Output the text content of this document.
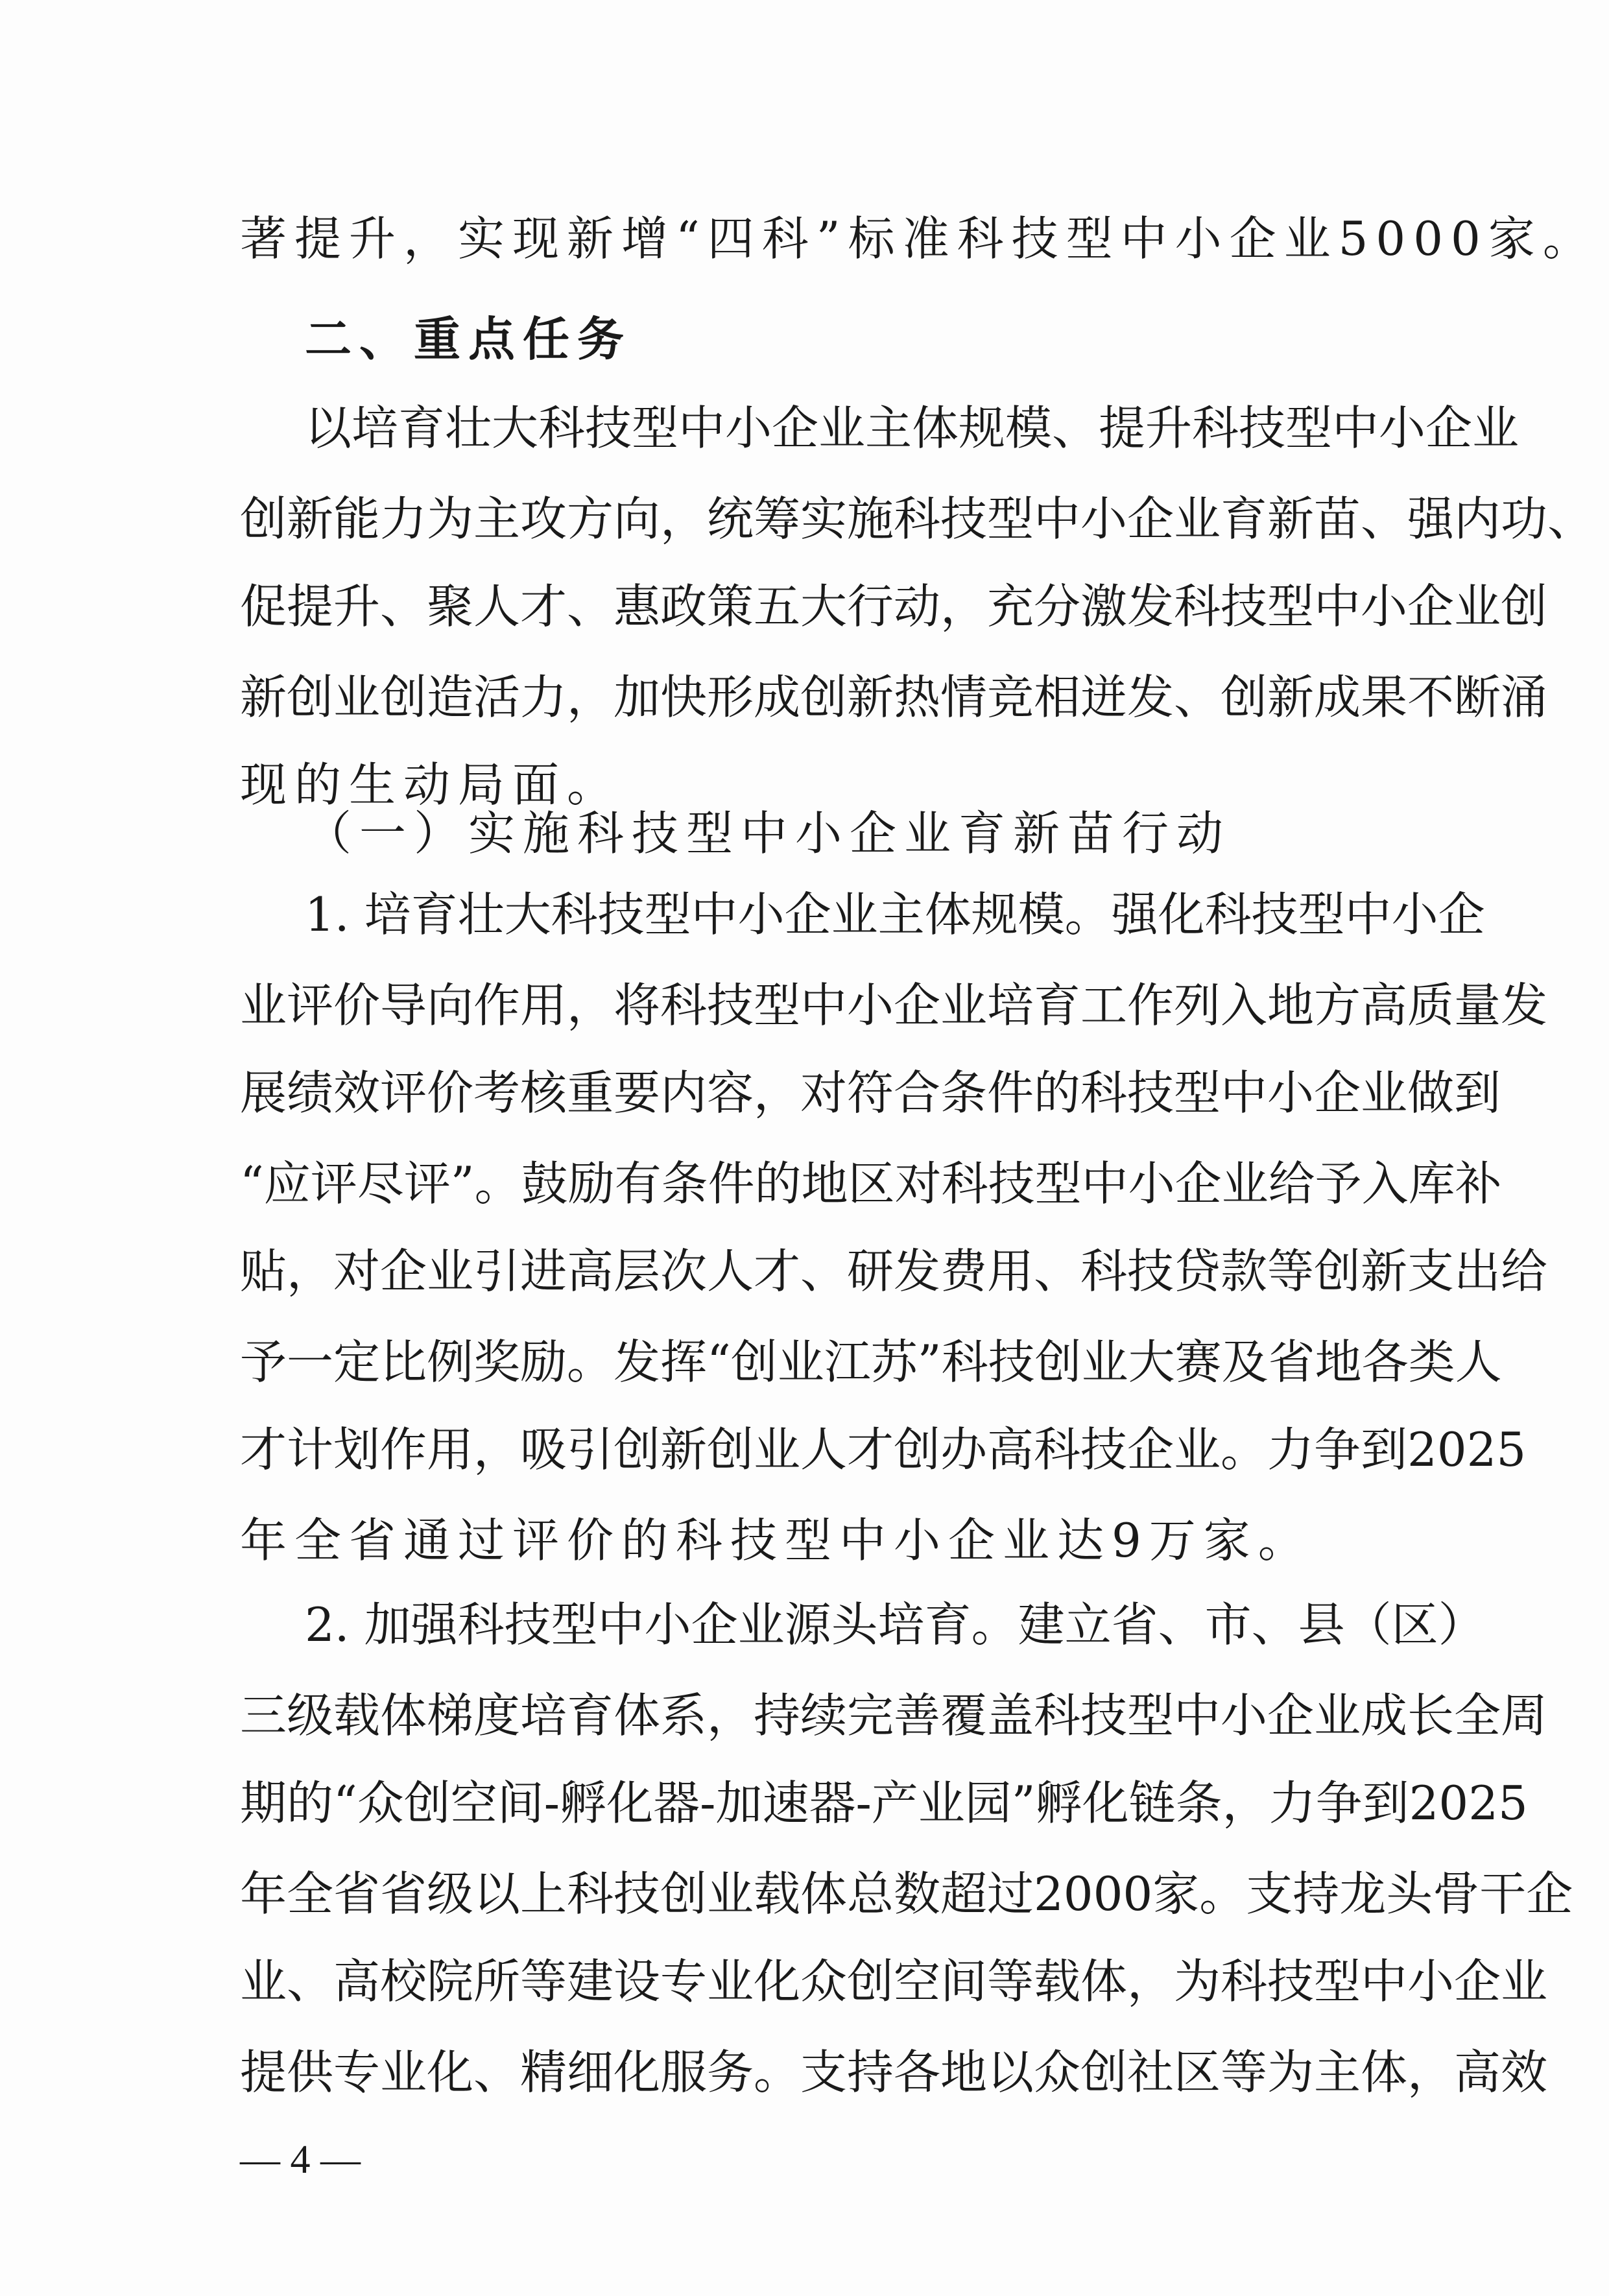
著提升，实现新增“四科”标准科技型中小企业5000家。
二、重点任务
以培育壮大科技型中小企业主体规模、提升科技型中小企业
创新能力为主攻方向，统筹实施科技型中小企业育新苗、强内功、
促提升、聚人才、惠政策五大行动，充分激发科技型中小企业创
新创业创造活力，加快形成创新热情竞相迸发、创新成果不断涌
现的生动局面。
（一）实施科技型中小企业育新苗行动
1. 培育壮大科技型中小企业主体规模。强化科技型中小企
业评价导向作用，将科技型中小企业培育工作列入地方高质量发
展绩效评价考核重要内容，对符合条件的科技型中小企业做到
“应评尽评”。鼓励有条件的地区对科技型中小企业给予入库补
贴，对企业引进高层次人才、研发费用、科技贷款等创新支出给
予一定比例奖励。发挥“创业江苏”科技创业大赛及省地各类人
才计划作用，吸引创新创业人才创办高科技企业。力争到2025
年全省通过评价的科技型中小企业达9万家。
2. 加强科技型中小企业源头培育。建立省、市、县（区）
三级载体梯度培育体系，持续完善覆盖科技型中小企业成长全周
期的“众创空间-孵化器-加速器-产业园”孵化链条，力争到2025
年全省省级以上科技创业载体总数超过2000家。支持龙头骨干企
业、高校院所等建设专业化众创空间等载体，为科技型中小企业
提供专业化、精细化服务。支持各地以众创社区等为主体，高效
— 4 —
